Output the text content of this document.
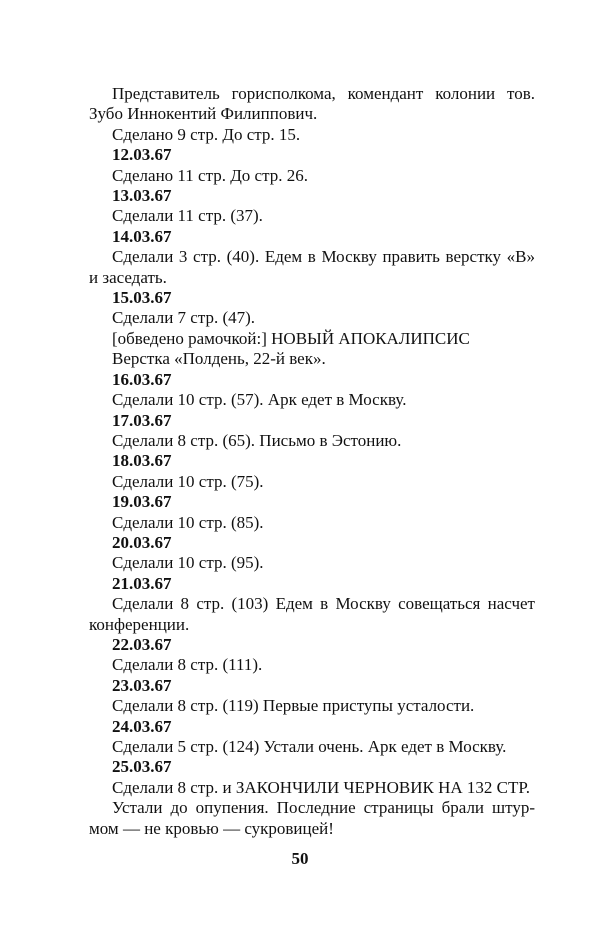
Представитель горисполкома, комендант колонии тов.

Зубо Иннокентий Филиппович.

Сделано 9 стр. До стр. 15.

12.03.67

Сделано 11 стр. До стр. 26.

13.03.67

Сделали 11 стр. (37).

14.03.67

Сделали 3 стр. (40). Едем в Москву править верстку «В»

и заседать.

15.03.67

Сделали 7 стр. (47).

[обведено рамочкой:] НОВЫЙ АПОКАЛИПСИС

Верстка «Полдень, 22-й век».

16.03.67

Сделали 10 стр. (57). Арк едет в Москву.

17.03.67

Сделали 8 стр. (65). Письмо в Эстонию.

18.03.67

Сделали 10 стр. (75).

19.03.67

Сделали 10 стр. (85).

20.03.67

Сделали 10 стр. (95).

21.03.67

Сделали 8 стр. (103) Едем в Москву совещаться насчет

конференции.

22.03.67

Сделали 8 стр. (111).

23.03.67

Сделали 8 стр. (119) Первые приступы усталости.

24.03.67

Сделали 5 стр. (124) Устали очень. Арк едет в Москву.

25.03.67

Сделали 8 стр. и ЗАКОНЧИЛИ ЧЕРНОВИК НА 132 СТР.

Устали до опупения. Последние страницы брали штур-

мом — не кровью — сукровицей!

50
